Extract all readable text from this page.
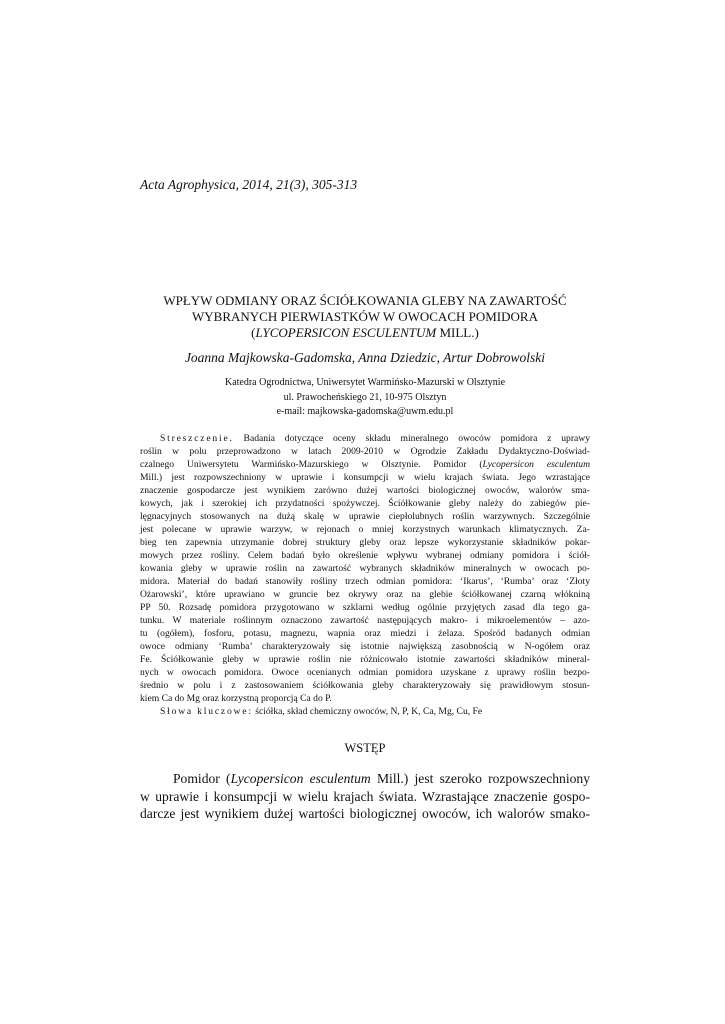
Acta Agrophysica, 2014, 21(3), 305-313
WPŁYW ODMIANY ORAZ ŚCIÓŁKOWANIA GLEBY NA ZAWARTOŚĆ
WYBRANYCH PIERWIASTKÓW W OWOCACH POMIDORA
(LYCOPERSICON ESCULENTUM MILL.)
Joanna Majkowska-Gadomska, Anna Dziedzic, Artur Dobrowolski
Katedra Ogrodnictwa, Uniwersytet Warmińsko-Mazurski w Olsztynie
ul. Prawocheńskiego 21, 10-975 Olsztyn
e-mail: majkowska-gadomska@uwm.edu.pl
Streszczenie. Badania dotyczące oceny składu mineralnego owoców pomidora z uprawy
roślin w polu przeprowadzono w latach 2009-2010 w Ogrodzie Zakładu Dydaktyczno-Doświad-
czalnego Uniwersytetu Warmińsko-Mazurskiego w Olsztynie. Pomidor (Lycopersicon esculentum
Mill.) jest rozpowszechniony w uprawie i konsumpcji w wielu krajach świata. Jego wzrastające
znaczenie gospodarcze jest wynikiem zarówno dużej wartości biologicznej owoców, walorów sma-
kowych, jak i szerokiej ich przydatności spożywczej. Ściółkowanie gleby należy do zabiegów pie-
lęgnacyjnych stosowanych na dużą skalę w uprawie ciepłolubnych roślin warzywnych. Szczególnie
jest polecane w uprawie warzyw, w rejonach o mniej korzystnych warunkach klimatycznych. Za-
bieg ten zapewnia utrzymanie dobrej struktury gleby oraz lepsze wykorzystanie składników pokar-
mowych przez rośliny. Celem badań było określenie wpływu wybranej odmiany pomidora i ściół-
kowania gleby w uprawie roślin na zawartość wybranych składników mineralnych w owocach po-
midora. Materiał do badań stanowiły rośliny trzech odmian pomidora: ‘Ikarus’, ‘Rumba’ oraz ‘Złoty
Ożarowski’, które uprawiano w gruncie bez okrywy oraz na glebie ściółkowanej czarną włókniną
PP 50. Rozsadę pomidora przygotowano w szklarni według ogólnie przyjętych zasad dla tego ga-
tunku. W materiale roślinnym oznaczono zawartość następujących makro- i mikroelementów – azo-
tu (ogółem), fosforu, potasu, magnezu, wapnia oraz miedzi i żelaza. Spośród badanych odmian
owoce odmiany ‘Rumba’ charakteryzowały się istotnie największą zasobnością w N-ogółem oraz
Fe. Ściółkowanie gleby w uprawie roślin nie różnicowało istotnie zawartości składników mineral-
nych w owocach pomidora. Owoce ocenianych odmian pomidora uzyskane z uprawy roślin bezpo-
średnio w polu i z zastosowaniem ściółkowania gleby charakteryzowały się prawidłowym stosun-
kiem Ca do Mg oraz korzystną proporcją Ca do P.
Słowa kluczowe: ściółka, skład chemiczny owoców, N, P, K, Ca, Mg, Cu, Fe
WSTĘP
Pomidor (Lycopersicon esculentum Mill.) jest szeroko rozpowszechniony
w uprawie i konsumpcji w wielu krajach świata. Wzrastające znaczenie gospo-
darcze jest wynikiem dużej wartości biologicznej owoców, ich walorów smako-
